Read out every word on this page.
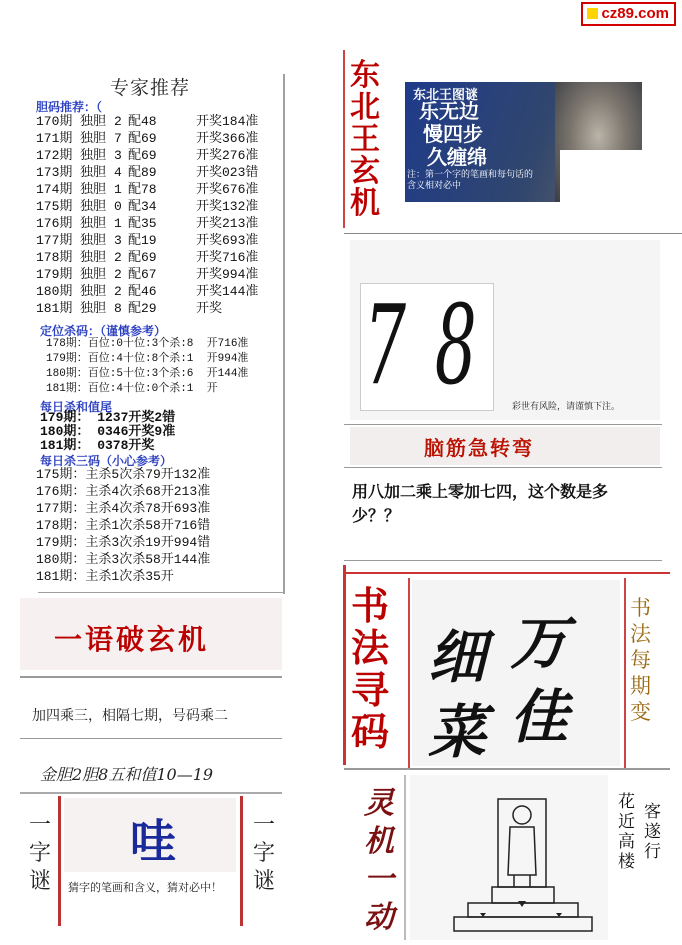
cz89.com
专家推荐
胆码推荐：（
170期 独胆 2 配48	开奖184准
171期 独胆 7 配69	开奖366准
172期 独胆 3 配69	开奖276准
173期 独胆 4 配89	开奖023错
174期 独胆 1 配78	开奖676准
175期 独胆 0 配34	开奖132准
176期 独胆 1 配35	开奖213准
177期 独胆 3 配19	开奖693准
178期 独胆 2 配69	开奖716准
179期 独胆 2 配67	开奖994准
180期 独胆 2 配46	开奖144准
181期 独胆 8 配29	开奖
定位杀码：（谨慎参考）
178期：百位:0十位:3个杀:8  开716准
179期：百位:4十位:8个杀:1  开994准
180期：百位:5十位:3个杀:6  开144准
181期：百位:4十位:0个杀:1  开
每日杀和值尾
179期： 1237开奖2错
180期： 0346开奖9准
181期： 0378开奖
每日杀三码（小心参考）
175期：主杀5次杀79开132准
176期：主杀4次杀68开213准
177期：主杀4次杀78开693准
178期：主杀1次杀58开716错
179期：主杀3次杀19开994错
180期：主杀3次杀58开144准
181期：主杀1次杀35开
一语破玄机
加四乘三，相隔七期，号码乘二
金胆2胆8五和值10—19
一
字
谜
一
字
谜
哇
猜字的笔画和含义，猜对必中！
东
北
王
玄
机
东北王图谜
乐无边
慢四步
久缠绵
注：第一个字的笔画和每句话的含义相对必中
7 8	彩世有风险，请谨慎下注。
脑筋急转弯
用八加二乘上零加七四，这个数是多少？？
书
法
寻
码
细
菜
万
佳
书
法
每
期
变
灵
机
一
动
花
近
高
楼
客
遂
行
